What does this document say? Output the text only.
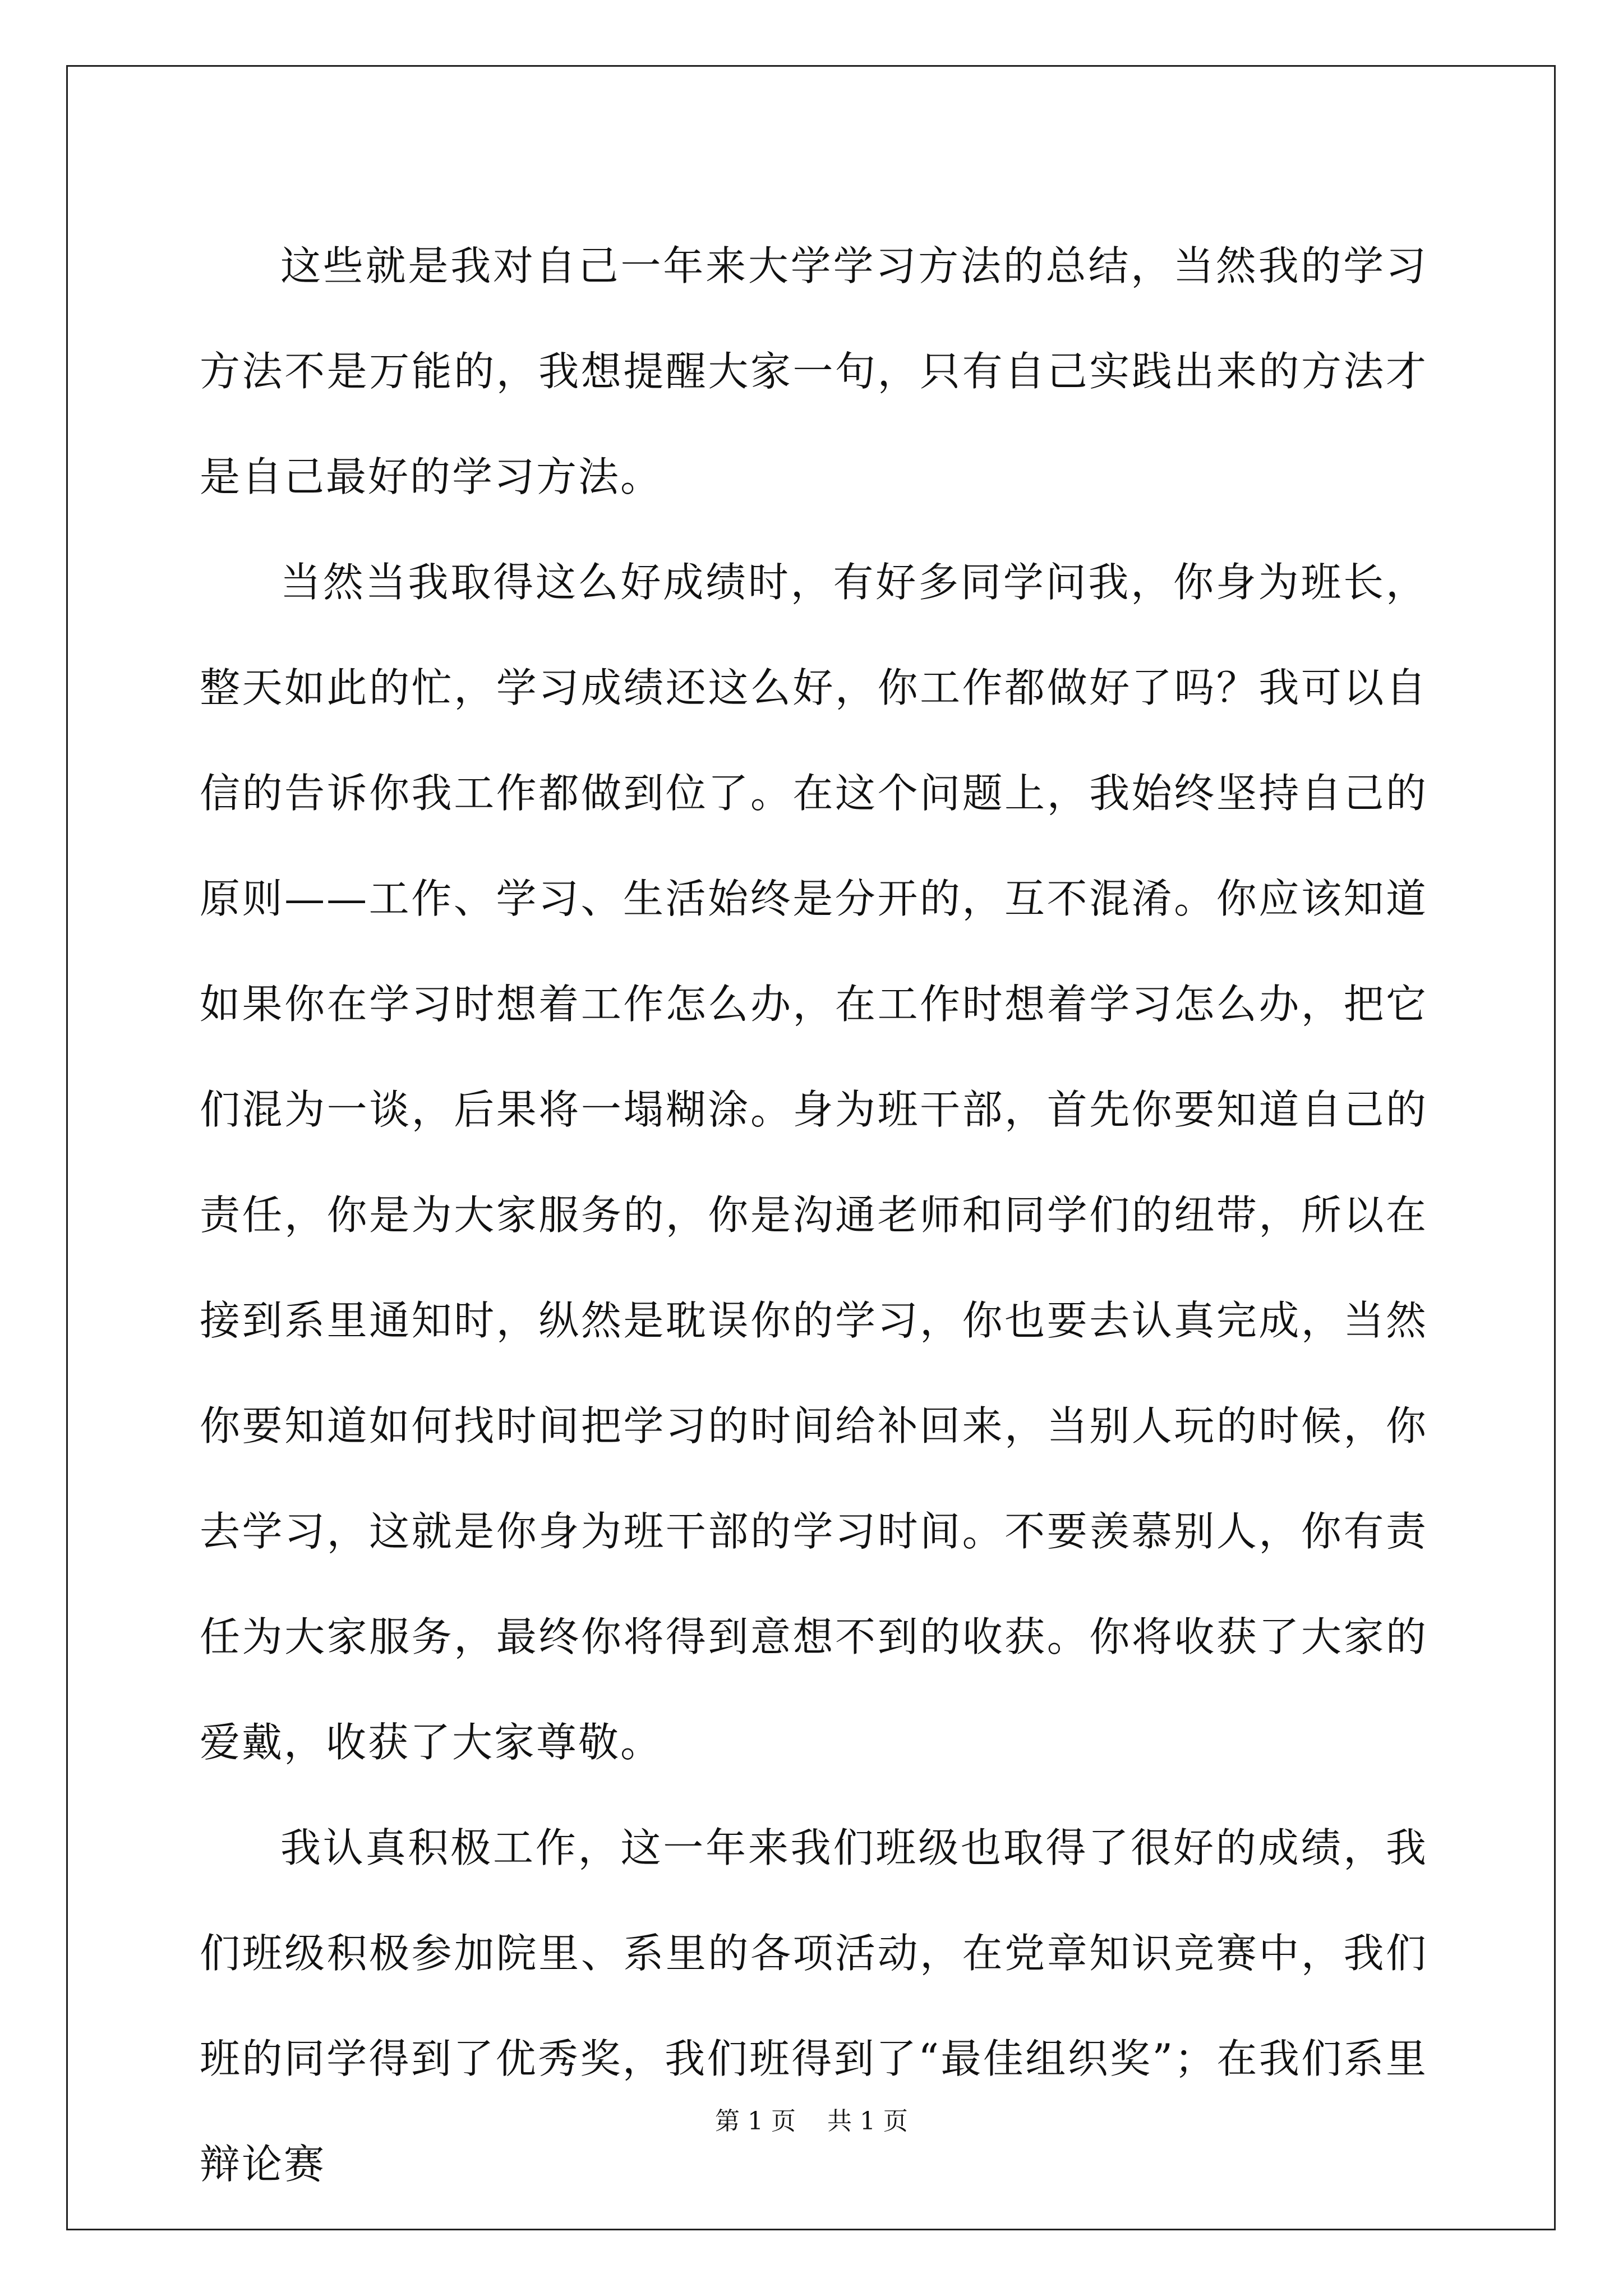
这些就是我对自己一年来大学学习方法的总结，当然我的学习方法不是万能的，我想提醒大家一句，只有自己实践出来的方法才是自己最好的学习方法。

当然当我取得这么好成绩时，有好多同学问我，你身为班长，整天如此的忙，学习成绩还这么好，你工作都做好了吗？我可以自信的告诉你我工作都做到位了。在这个问题上，我始终坚持自己的原则——工作、学习、生活始终是分开的，互不混淆。你应该知道如果你在学习时想着工作怎么办，在工作时想着学习怎么办，把它们混为一谈，后果将一塌糊涂。身为班干部，首先你要知道自己的责任，你是为大家服务的，你是沟通老师和同学们的纽带，所以在接到系里通知时，纵然是耽误你的学习，你也要去认真完成，当然你要知道如何找时间把学习的时间给补回来，当别人玩的时候，你去学习，这就是你身为班干部的学习时间。不要羡慕别人，你有责任为大家服务，最终你将得到意想不到的收获。你将收获了大家的爱戴，收获了大家尊敬。

我认真积极工作，这一年来我们班级也取得了很好的成绩，我们班级积极参加院里、系里的各项活动，在党章知识竞赛中，我们班的同学得到了优秀奖，我们班得到了“最佳组织奖”；在我们系里辩论赛

第 1 页    共 1 页
